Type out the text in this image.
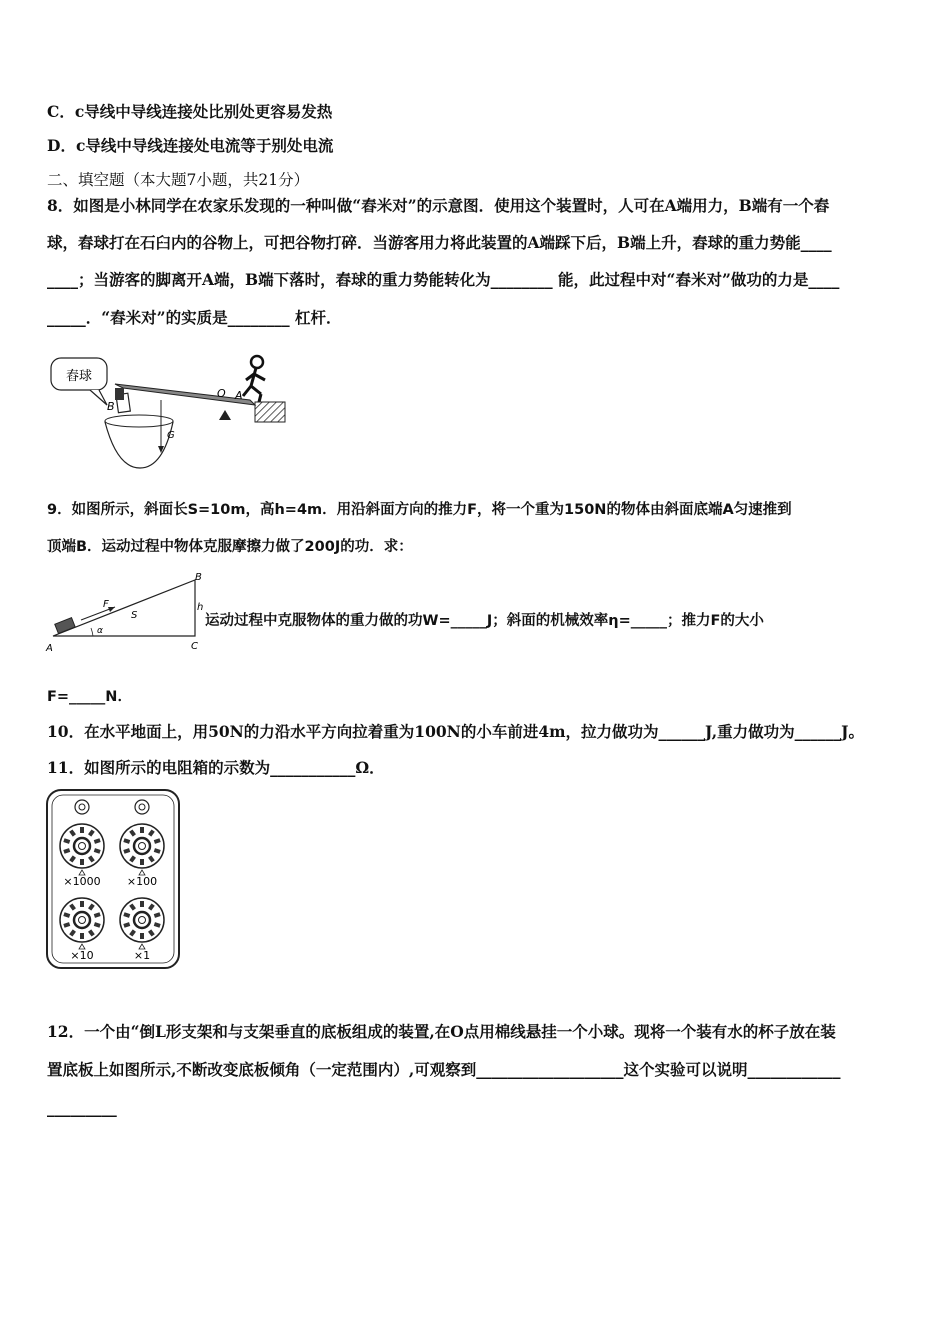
C．c导线中导线连接处比别处更容易发热
D．c导线中导线连接处电流等于别处电流
二、填空题（本大题7小题，共21分）
8．如图是小林同学在农家乐发现的一种叫做“舂米对”的示意图．使用这个装置时，人可在A端用力，B端有一个舂
球，舂球打在石臼内的谷物上，可把谷物打碎．当游客用力将此装置的A端踩下后，B端上升，舂球的重力势能____
____；当游客的脚离开A端，B端下落时，舂球的重力势能转化为________ 能，此过程中对“舂米对”做功的力是____
_____．“舂米对”的实质是________ 杠杆．
舂球
B
G
O A
9．如图所示，斜面长S=10m，高h=4m．用沿斜面方向的推力F，将一个重为150N的物体由斜面底端A匀速推到
顶端B．运动过程中物体克服摩擦力做了200J的功．求：
A
B
C
F
S
h
α
运动过程中克服物体的重力做的功W=_____J；斜面的机械效率η=_____；推力F的大小
F=_____N．
10．在水平地面上，用50N的力沿水平方向拉着重为100N的小车前进4m，拉力做功为______J,重力做功为______J。
11．如图所示的电阻箱的示数为___________Ω．
×1000 ×100
×10	×1
12．一个由“倒L形支架和与支架垂直的底板组成的装置,在O点用棉线悬挂一个小球。现将一个装有水的杯子放在装
置底板上如图所示,不断改变底板倾角（一定范围内）,可观察到___________________这个实验可以说明____________
_________
